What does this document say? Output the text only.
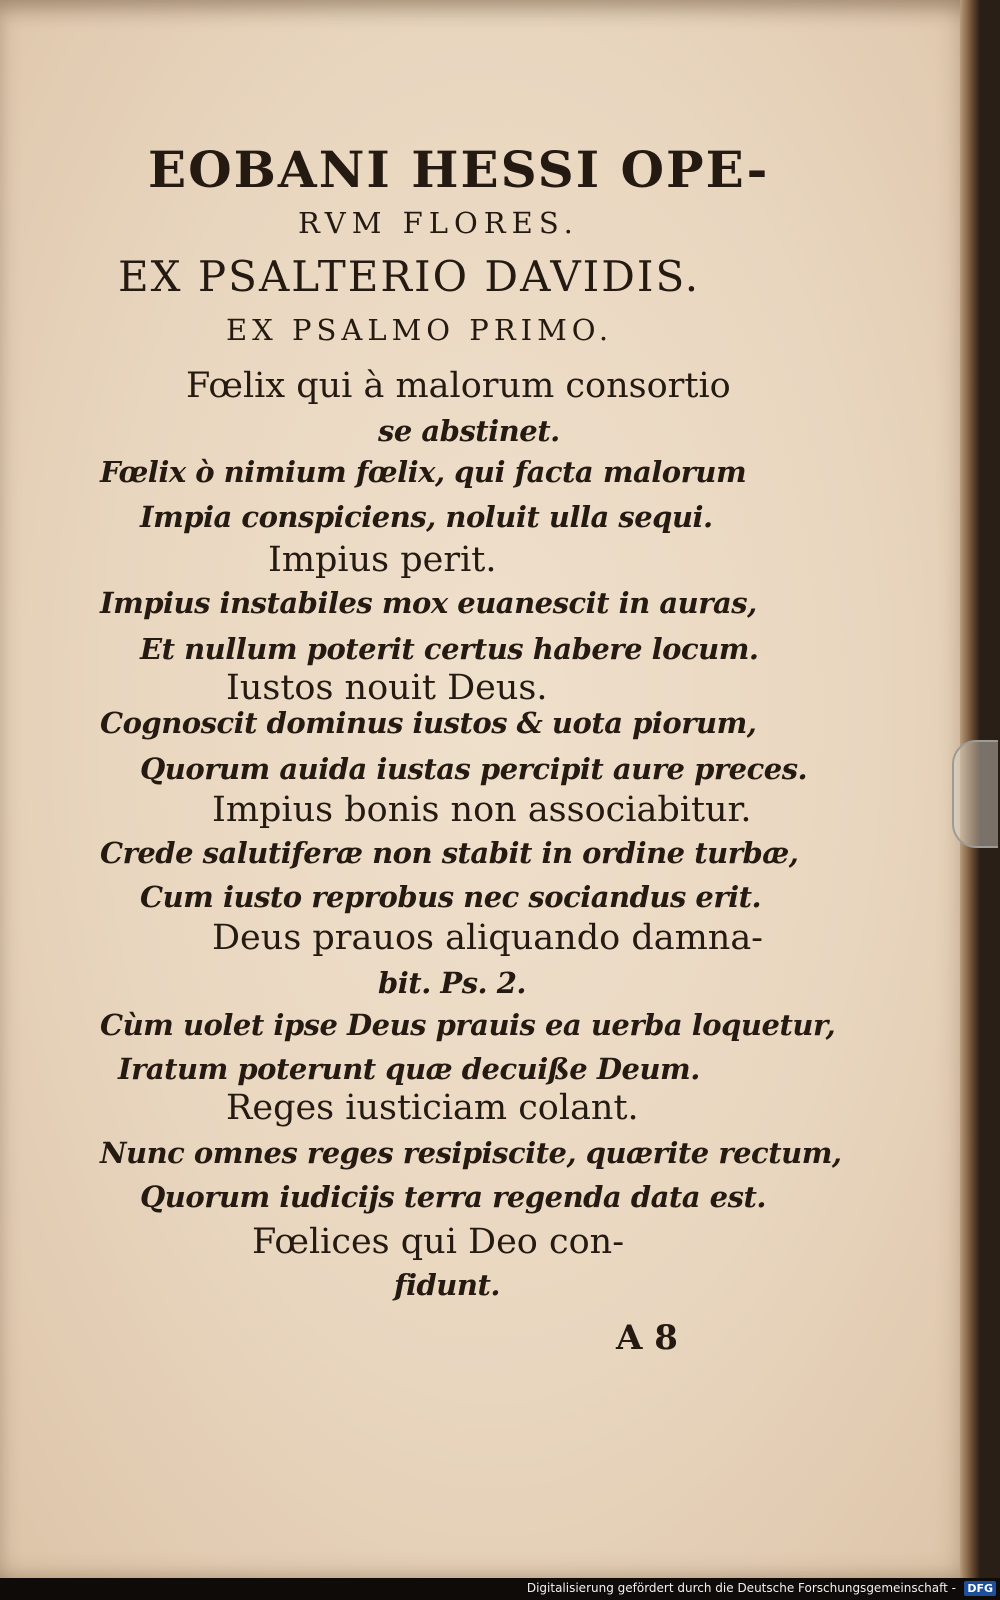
EOBANI HESSI OPE-
RVM FLORES.
EX PSALTERIO DAVIDIS.
EX PSALMO PRIMO.
Fœlix qui à malorum consortio
se abstinet.
Fœlix ò nimium fœlix, qui facta malorum
Impia conspiciens, noluit ulla sequi.
Impius perit.
Impius instabiles mox euanescit in auras,
Et nullum poterit certus habere locum.
Iustos nouit Deus.
Cognoscit dominus iustos & uota piorum,
Quorum auida iustas percipit aure preces.
Impius bonis non associabitur.
Crede salutiferæ non stabit in ordine turbæ,
Cum iusto reprobus nec sociandus erit.
Deus prauos aliquando damna-
bit. Ps. 2.
Cùm uolet ipse Deus prauis ea uerba loquetur,
Iratum poterunt quæ decuiße Deum.
Reges iusticiam colant.
Nunc omnes reges resipiscite, quærite rectum,
Quorum iudicijs terra regenda data est.
Fœlices qui Deo con-
fidunt.
A 8
Digitalisierung gefördert durch die Deutsche Forschungsgemeinschaft - DFG
